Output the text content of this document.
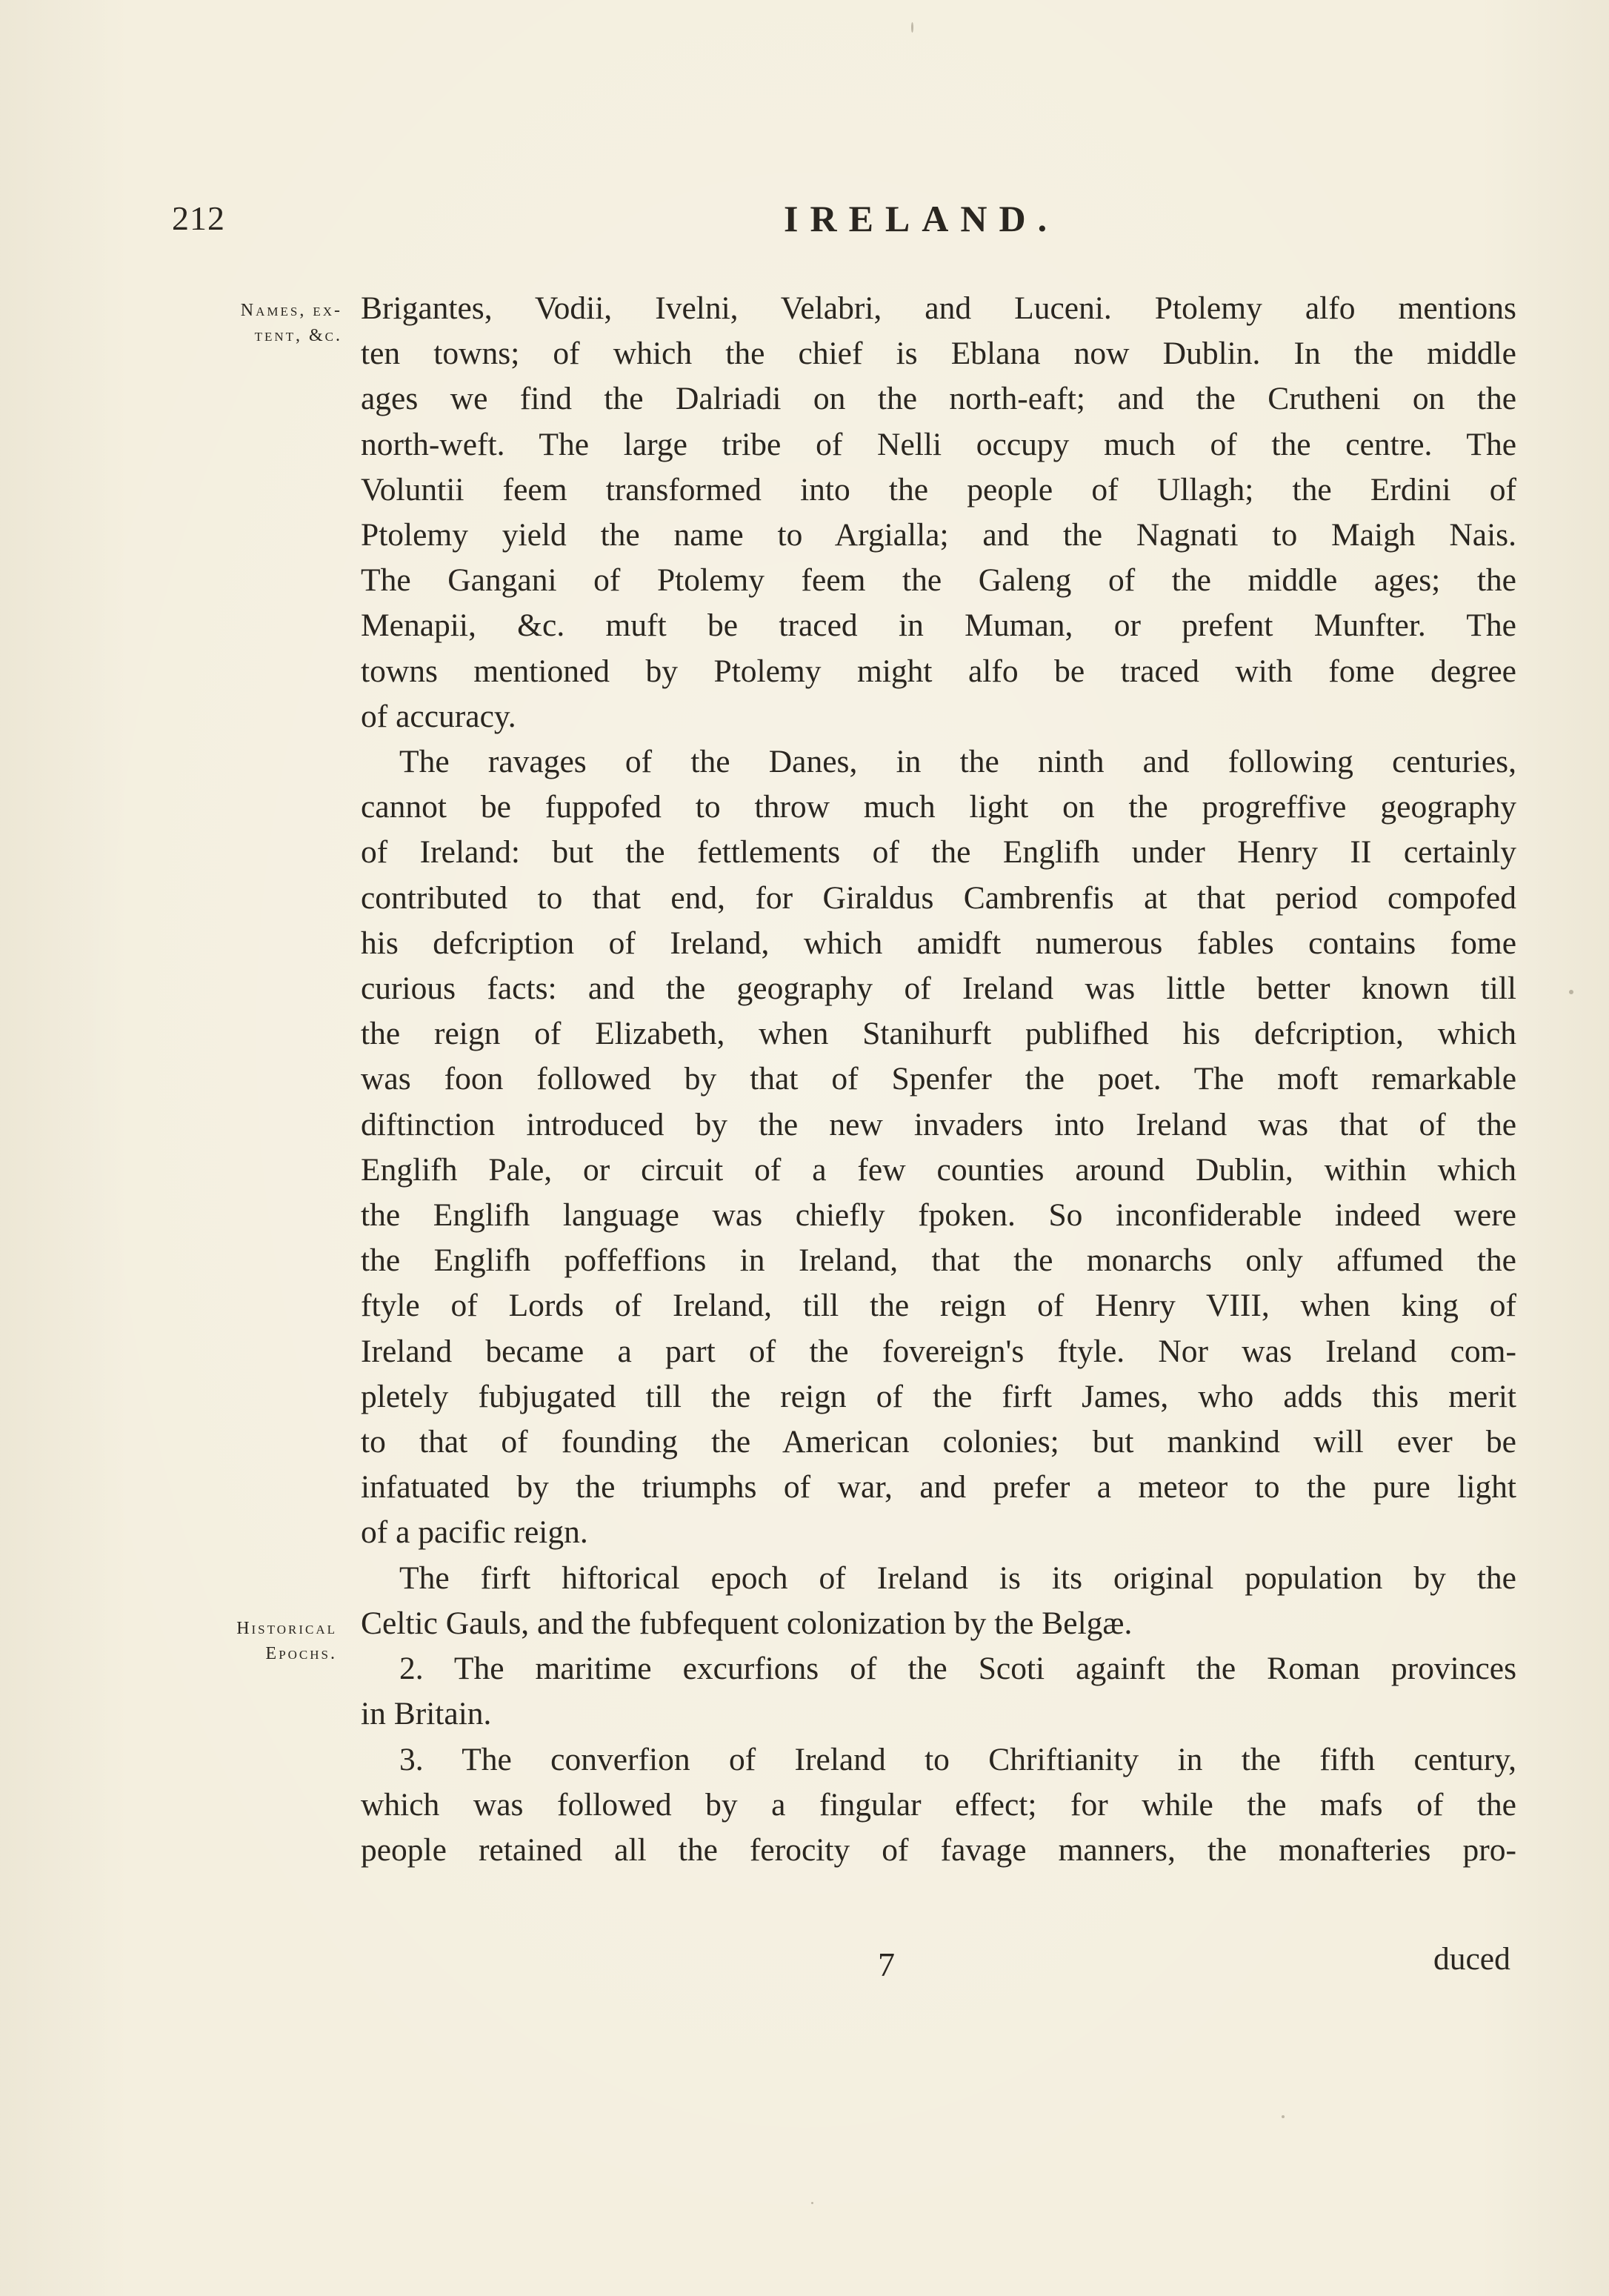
212	IRELAND.
Names, ex-
tent, &c.
Historical
Epochs.

Brigantes, Vodii, Ivelni, Velabri, and Luceni. Ptolemy alfo mentions
ten towns; of which the chief is Eblana now Dublin. In the middle
ages we find the Dalriadi on the north-eaft; and the Crutheni on the
north-weft. The large tribe of Nelli occupy much of the centre. The
Voluntii feem transformed into the people of Ullagh; the Erdini of
Ptolemy yield the name to Argialla; and the Nagnati to Maigh Nais.
The Gangani of Ptolemy feem the Galeng of the middle ages; the
Menapii, &c. muft be traced in Muman, or prefent Munfter. The
towns mentioned by Ptolemy might alfo be traced with fome degree
of accuracy.

The ravages of the Danes, in the ninth and following centuries,
cannot be fuppofed to throw much light on the progreffive geography
of Ireland: but the fettlements of the Englifh under Henry II certainly
contributed to that end, for Giraldus Cambrenfis at that period compofed
his defcription of Ireland, which amidft numerous fables contains fome
curious facts: and the geography of Ireland was little better known till
the reign of Elizabeth, when Stanihurft publifhed his defcription, which
was foon followed by that of Spenfer the poet. The moft remarkable
diftinction introduced by the new invaders into Ireland was that of the
Englifh Pale, or circuit of a few counties around Dublin, within which
the Englifh language was chiefly fpoken. So inconfiderable indeed were
the Englifh poffeffions in Ireland, that the monarchs only affumed the
ftyle of Lords of Ireland, till the reign of Henry VIII, when king of
Ireland became a part of the fovereign's ftyle. Nor was Ireland com-
pletely fubjugated till the reign of the firft James, who adds this merit
to that of founding the American colonies; but mankind will ever be
infatuated by the triumphs of war, and prefer a meteor to the pure light
of a pacific reign.

The firft hiftorical epoch of Ireland is its original population by the
Celtic Gauls, and the fubfequent colonization by the Belgæ.

2. The maritime excurfions of the Scoti againft the Roman provinces
in Britain.

3. The converfion of Ireland to Chriftianity in the fifth century,
which was followed by a fingular effect; for while the mafs of the
people retained all the ferocity of favage manners, the monafteries pro-

7	duced
